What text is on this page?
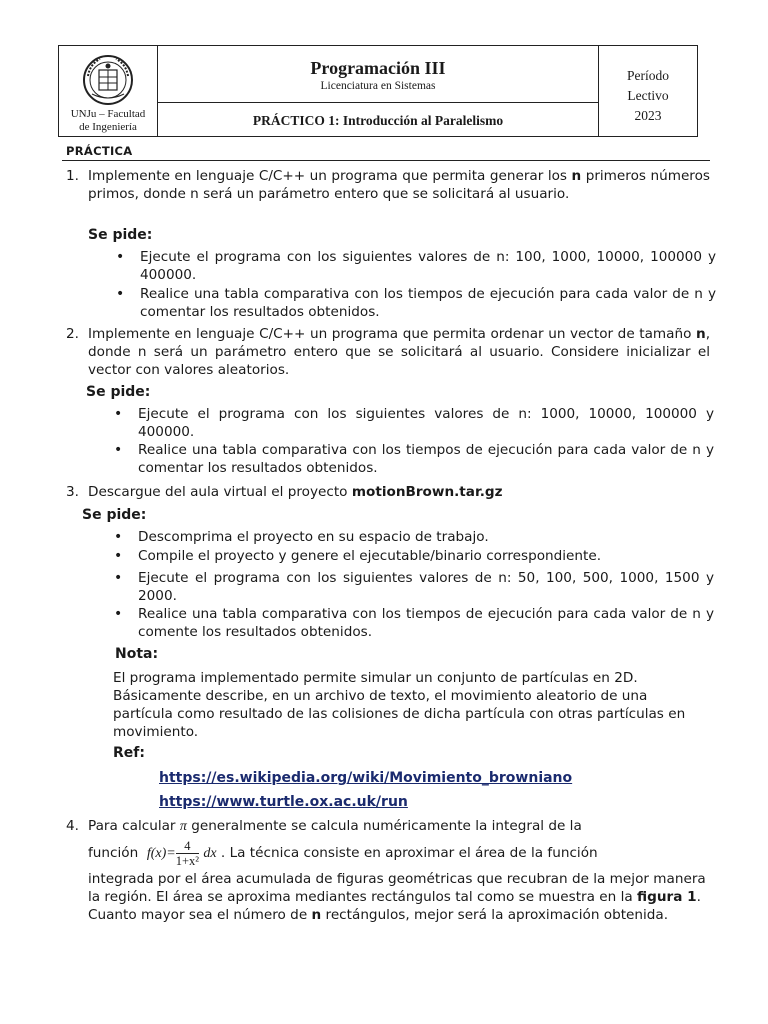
UNJu – Facultad
de Ingeniería
Programación III
Licenciatura en Sistemas
PRÁCTICO 1: Introducción al Paralelismo
Período
Lectivo
2023
PRÁCTICA
1. Implemente en lenguaje C/C++ un programa que permita generar los n primeros números primos, donde n será un parámetro entero que se solicitará al usuario.
Se pide:
• Ejecute el programa con los siguientes valores de n: 100, 1000, 10000, 100000 y 400000.
• Realice una tabla comparativa con los tiempos de ejecución para cada valor de n y comentar los resultados obtenidos.
2. Implemente en lenguaje C/C++ un programa que permita ordenar un vector de tamaño n, donde n será un parámetro entero que se solicitará al usuario. Considere inicializar el vector con valores aleatorios.
Se pide:
• Ejecute el programa con los siguientes valores de n: 1000, 10000, 100000 y 400000.
• Realice una tabla comparativa con los tiempos de ejecución para cada valor de n y comentar los resultados obtenidos.
3. Descargue del aula virtual el proyecto motionBrown.tar.gz
Se pide:
• Descomprima el proyecto en su espacio de trabajo.
• Compile el proyecto y genere el ejecutable/binario correspondiente.
• Ejecute el programa con los siguientes valores de n: 50, 100, 500, 1000, 1500 y 2000.
• Realice una tabla comparativa con los tiempos de ejecución para cada valor de n y comente los resultados obtenidos.
Nota:
El programa implementado permite simular un conjunto de partículas en 2D. Básicamente describe, en un archivo de texto, el movimiento aleatorio de una partícula como resultado de las colisiones de dicha partícula con otras partículas en movimiento.
Ref:
https://es.wikipedia.org/wiki/Movimiento_browniano
https://www.turtle.ox.ac.uk/run
4. Para calcular π generalmente se calcula numéricamente la integral de la
función $f(x)= \frac{4}{\text{1+x²}}$ dx . La técnica consiste en aproximar el área de la función
integrada por el área acumulada de figuras geométricas que recubran de la mejor manera la región. El área se aproxima mediantes rectángulos tal como se muestra en la figura 1. Cuanto mayor sea el número de n rectángulos, mejor será la aproximación obtenida.
